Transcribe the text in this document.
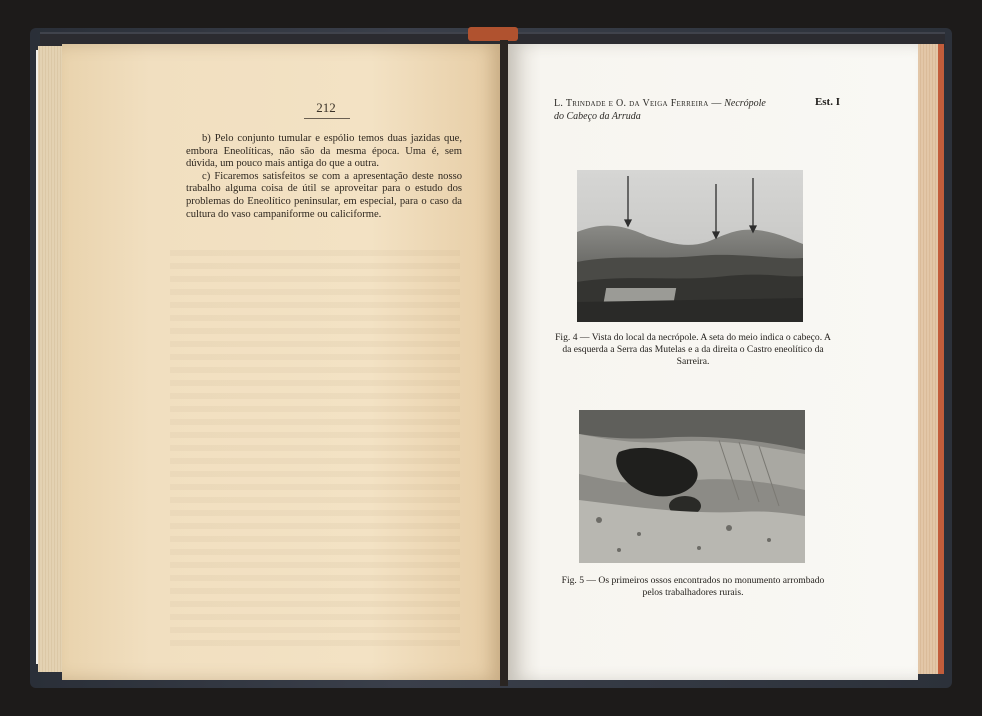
212

b) Pelo conjunto tumular e espólio temos duas jazidas que, embora Eneolíticas, não são da mesma época. Uma é, sem dúvida, um pouco mais antiga do que a outra.

c) Ficaremos satisfeitos se com a apresentação deste nosso trabalho alguma coisa de útil se aproveitar para o estudo dos problemas do Eneolítico peninsular, em especial, para o caso da cultura do vaso campaniforme ou caliciforme.

L. Trindade e O. da Veiga Ferreira — Necrópole
do Cabeço da Arruda
Est. I
Fig. 4 — Vista do local da necrópole. A seta do meio indica o cabeço. A da esquerda a Serra das Mutelas e a da direita o Castro eneolítico da Sarreira.
Fig. 5 — Os primeiros ossos encontrados no monumento arrombado pelos trabalhadores rurais.
